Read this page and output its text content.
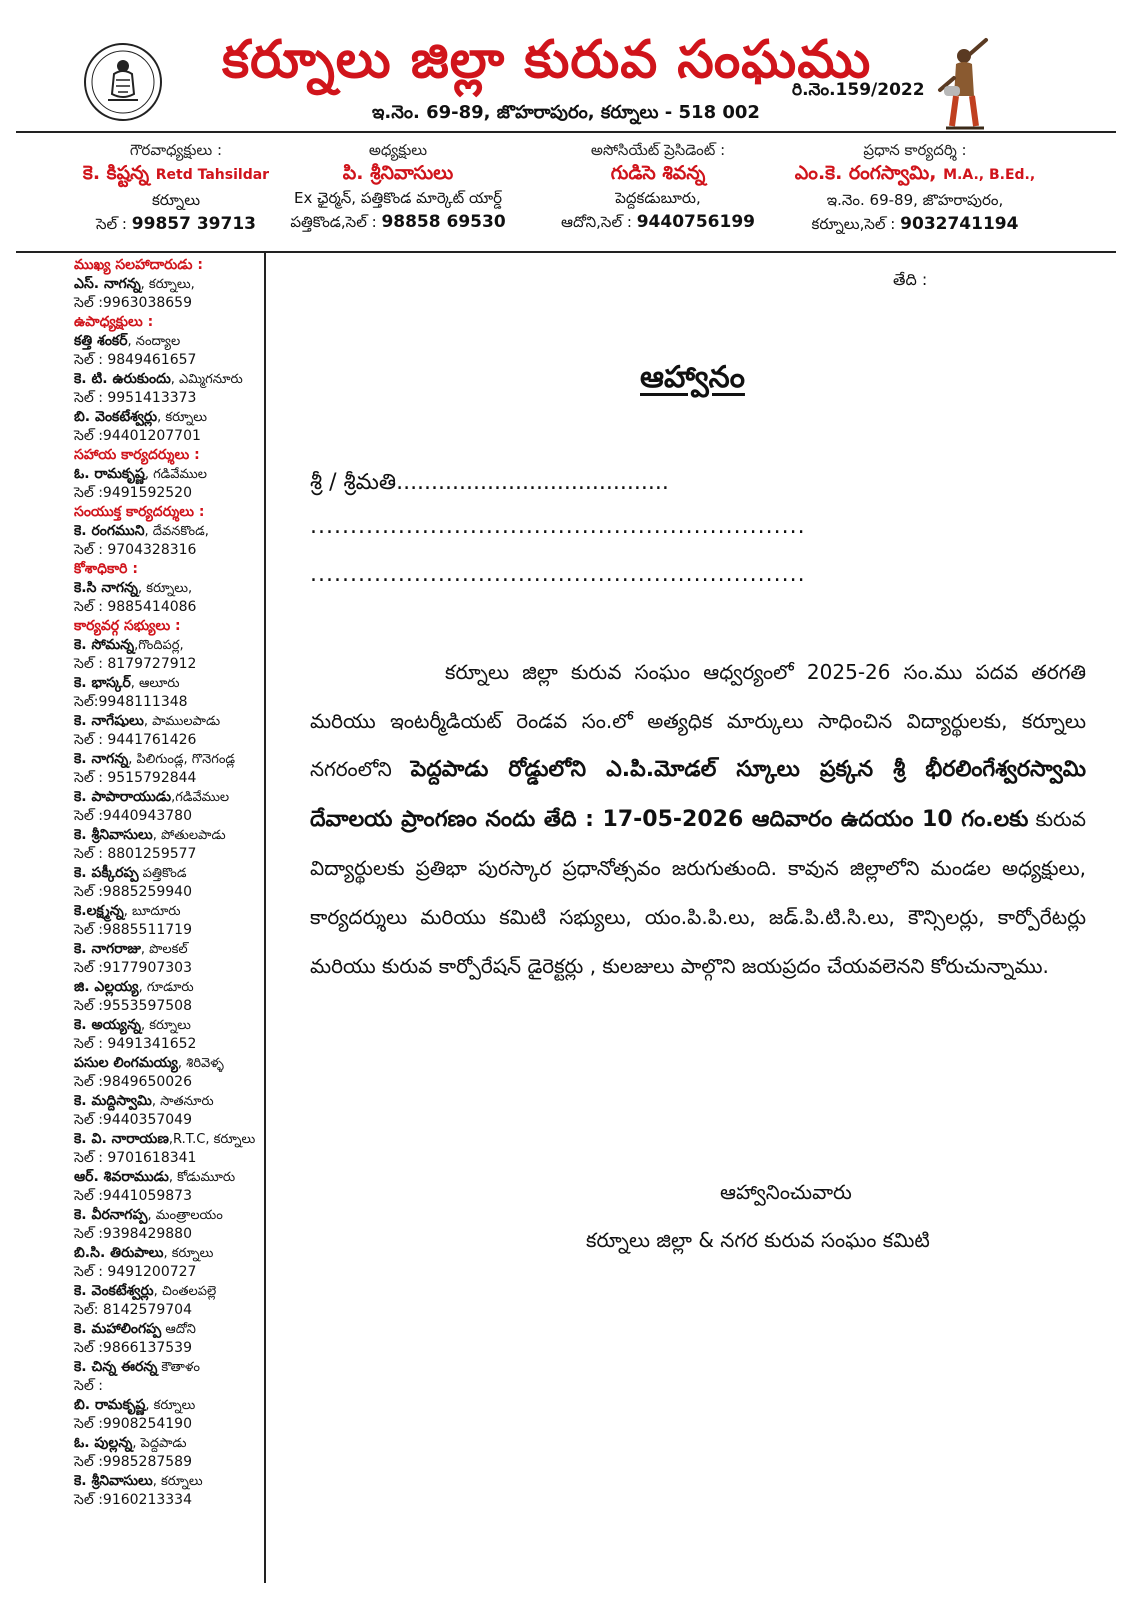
కర్నూలు జిల్లా కురువ సంఘము
రి.నెం.159/2022
ఇ.నెం. 69-89, జొహరాపురం, కర్నూలు - 518 002
గౌరవాధ్యక్షులు :
కె. కిష్టన్న Retd Tahsildar
కర్నూలు
సెల్ : 99857 39713
అధ్యక్షులు
పి. శ్రీనివాసులు
Ex ఛైర్మన్, పత్తికొండ మార్కెట్ యార్డ్
పత్తికొండ,సెల్ : 98858 69530
అసోసియేట్ ప్రెసిడెంట్ :
గుడిసె శివన్న
పెద్దకడుబూరు,
ఆదోని,సెల్ : 9440756199
ప్రధాన కార్యదర్శి :
ఎం.కె. రంగస్వామి, M.A., B.Ed.,
ఇ.నెం. 69-89, జొహరాపురం,
కర్నూలు,సెల్ : 9032741194
ముఖ్య సలహాదారుడు :
ఎస్. నాగన్న, కర్నూలు,
సెల్ :9963038659
ఉపాధ్యక్షులు :
కత్తి శంకర్, నంద్యాల
సెల్ : 9849461657
కె. టి. ఉరుకుందు, ఎమ్మిగనూరు
సెల్ : 9951413373
బి. వెంకటేశ్వర్లు, కర్నూలు
సెల్ :94401207701
సహాయ కార్యదర్శులు :
ఓ. రామకృష్ణ, గడివేముల
సెల్ :9491592520
సంయుక్త కార్యదర్శులు :
కె. రంగముని, దేవనకొండ,
సెల్ : 9704328316
కోశాధికారి :
కె.సి నాగన్న, కర్నూలు,
సెల్ : 9885414086
కార్యవర్గ సభ్యులు :
కె. సోమన్న,గొందిపర్ల,
సెల్ : 8179727912
కె. భాస్కర్, ఆలూరు
సెల్:9948111348
కె. నాగేషులు, పాములపాడు
సెల్ : 9441761426
కె. నాగన్న, పిలిగుండ్ల, గొనెగండ్ల
సెల్ : 9515792844
కె. పాపారాయుడు,గడివేముల
సెల్ :9440943780
కె. శ్రీనివాసులు, పోతులపాడు
సెల్ : 8801259577
కె. పక్కీరప్ప పత్తికొండ
సెల్ :9885259940
కె.లక్ష్మన్న, బూదూరు
సెల్ :9885511719
కె. నాగరాజు, పొలకల్
సెల్ :9177907303
జి. ఎల్లయ్య, గూడూరు
సెల్ :9553597508
కె. అయ్యన్న, కర్నూలు
సెల్ : 9491341652
పసుల లింగమయ్య, శిరివెళ్ళ
సెల్ :9849650026
కె. మద్దిస్వామి, సాతనూరు
సెల్ :9440357049
కె. వి. నారాయణ,R.T.C, కర్నూలు
సెల్ : 9701618341
ఆర్. శివరాముడు, కోడుమూరు
సెల్ :9441059873
కె. వీరనాగప్ప, మంత్రాలయం
సెల్ :9398429880
బి.సి. తిరుపాలు, కర్నూలు
సెల్ : 9491200727
కె. వెంకటేశ్వర్లు, చింతలపల్లె
సెల్: 8142579704
కె. మహాలింగప్ప ఆదోని
సెల్ :9866137539
కె. చిన్న ఈరన్న కౌతాళం
సెల్ :
బి. రామకృష్ణ, కర్నూలు
సెల్ :9908254190
ఓ. పుల్లన్న, పెద్దపాడు
సెల్ :9985287589
కె. శ్రీనివాసులు, కర్నూలు
సెల్ :9160213334
తేది :
ఆహ్వానం
శ్రీ / శ్రీమతి.......................................
..............................................................
..............................................................
కర్నూలు జిల్లా కురువ సంఘం ఆధ్వర్యంలో 2025-26 సం.ము పదవ తరగతి మరియు ఇంటర్మీడియట్ రెండవ సం.లో అత్యధిక మార్కులు సాధించిన విద్యార్థులకు, కర్నూలు నగరంలోని పెద్దపాడు రోడ్డులోని ఎ.పి.మోడల్ స్కూలు ప్రక్కన శ్రీ భీరలింగేశ్వరస్వామి దేవాలయ ప్రాంగణం నందు తేది : 17-05-2026 ఆదివారం ఉదయం 10 గం.లకు కురువ విద్యార్థులకు ప్రతిభా పురస్కార ప్రధానోత్సవం జరుగుతుంది. కావున జిల్లాలోని మండల అధ్యక్షులు, కార్యదర్శులు మరియు కమిటి సభ్యులు, యం.పి.పి.లు, జడ్.పి.టి.సి.లు, కౌన్సిలర్లు, కార్పోరేటర్లు మరియు కురువ కార్పోరేషన్ డైరెక్టర్లు , కులజులు పాల్గొని జయప్రదం చేయవలెనని కోరుచున్నాము.
ఆహ్వానించువారు
కర్నూలు జిల్లా & నగర కురువ సంఘం కమిటి
